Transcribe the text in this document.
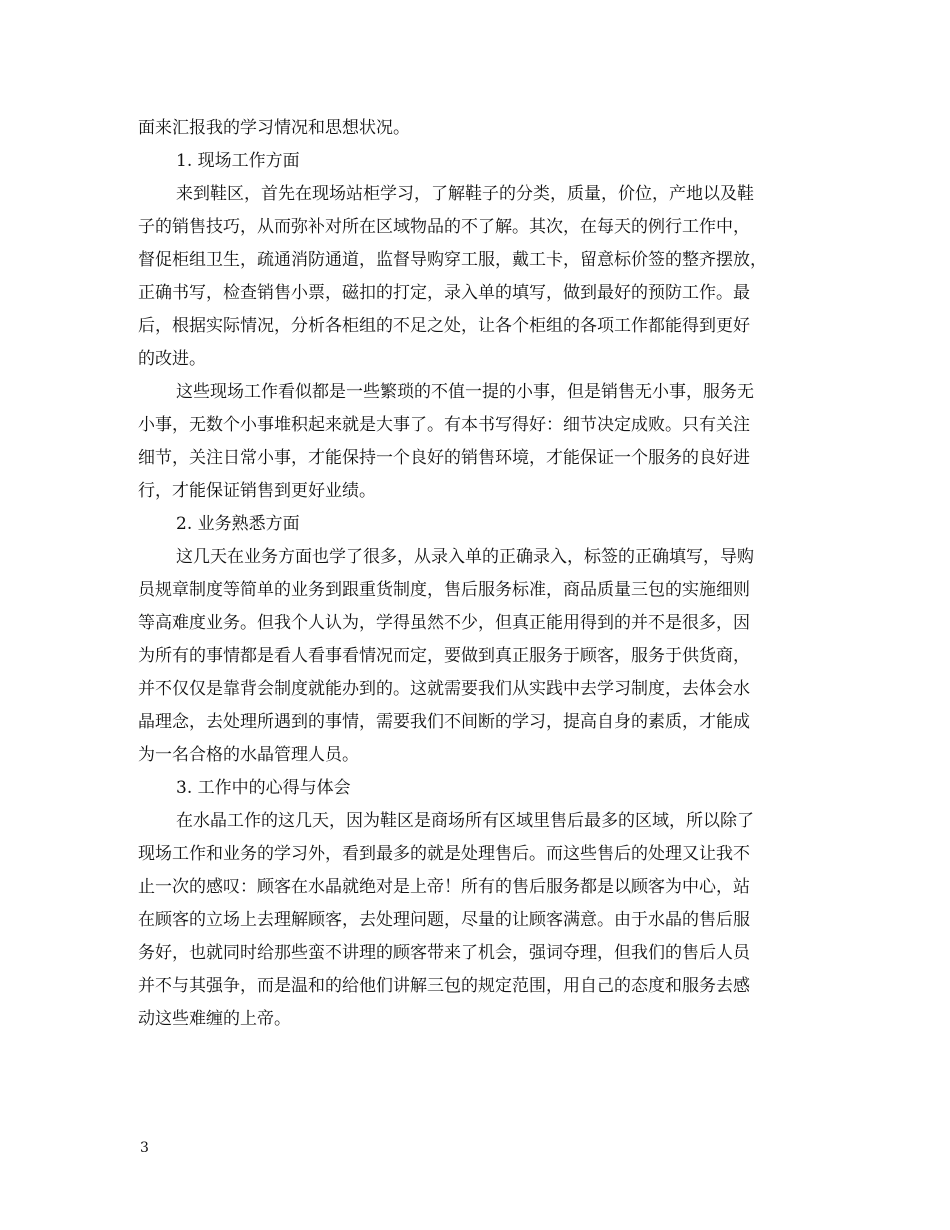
面来汇报我的学习情况和思想状况。
1. 现场工作方面
来到鞋区，首先在现场站柜学习，了解鞋子的分类，质量，价位，产地以及鞋
子的销售技巧，从而弥补对所在区域物品的不了解。其次，在每天的例行工作中，
督促柜组卫生，疏通消防通道，监督导购穿工服，戴工卡，留意标价签的整齐摆放，
正确书写，检查销售小票，磁扣的打定，录入单的填写，做到最好的预防工作。最
后，根据实际情况，分析各柜组的不足之处，让各个柜组的各项工作都能得到更好
的改进。
这些现场工作看似都是一些繁琐的不值一提的小事，但是销售无小事，服务无
小事，无数个小事堆积起来就是大事了。有本书写得好：细节决定成败。只有关注
细节，关注日常小事，才能保持一个良好的销售环境，才能保证一个服务的良好进
行，才能保证销售到更好业绩。
2. 业务熟悉方面
这几天在业务方面也学了很多，从录入单的正确录入，标签的正确填写，导购
员规章制度等简单的业务到跟重货制度，售后服务标准，商品质量三包的实施细则
等高难度业务。但我个人认为，学得虽然不少，但真正能用得到的并不是很多，因
为所有的事情都是看人看事看情况而定，要做到真正服务于顾客，服务于供货商，
并不仅仅是靠背会制度就能办到的。这就需要我们从实践中去学习制度，去体会水
晶理念，去处理所遇到的事情，需要我们不间断的学习，提高自身的素质，才能成
为一名合格的水晶管理人员。
3. 工作中的心得与体会
在水晶工作的这几天，因为鞋区是商场所有区域里售后最多的区域，所以除了
现场工作和业务的学习外，看到最多的就是处理售后。而这些售后的处理又让我不
止一次的感叹：顾客在水晶就绝对是上帝！所有的售后服务都是以顾客为中心，站
在顾客的立场上去理解顾客，去处理问题，尽量的让顾客满意。由于水晶的售后服
务好，也就同时给那些蛮不讲理的顾客带来了机会，强词夺理，但我们的售后人员
并不与其强争，而是温和的给他们讲解三包的规定范围，用自己的态度和服务去感
动这些难缠的上帝。
3
